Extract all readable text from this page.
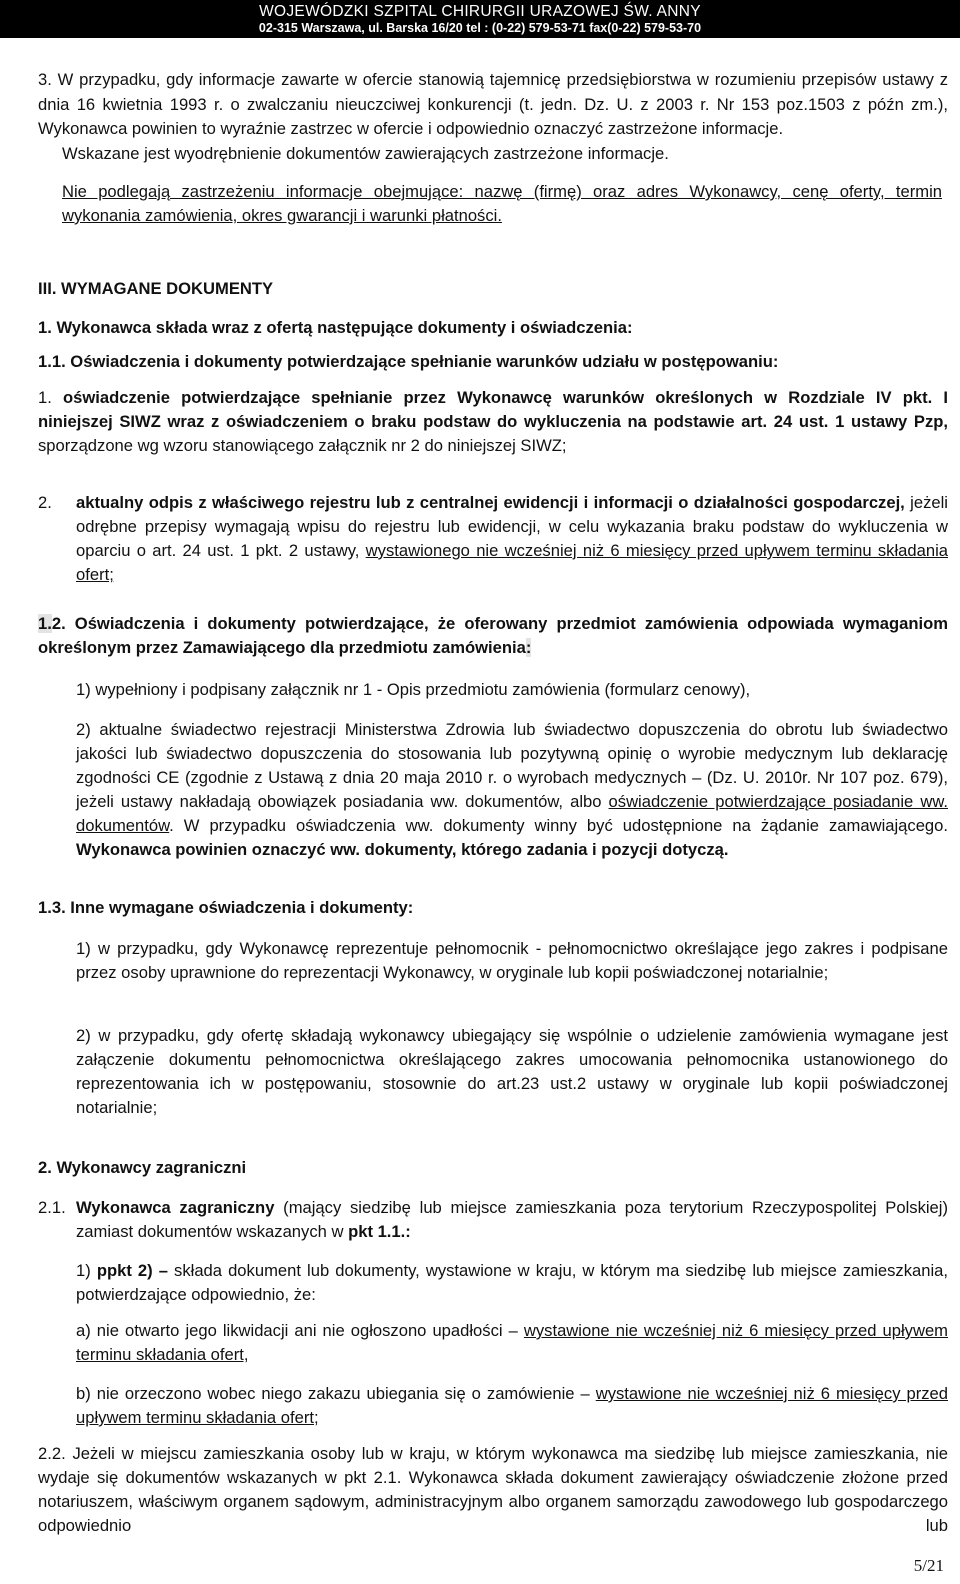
WOJEWÓDZKI SZPITAL CHIRURGII URAZOWEJ ŚW. ANNY
02-315 Warszawa, ul. Barska 16/20 tel : (0-22) 579-53-71 fax(0-22) 579-53-70
3. W przypadku, gdy informacje zawarte w ofercie stanowią tajemnicę przedsiębiorstwa w rozumieniu przepisów ustawy z dnia 16 kwietnia 1993 r. o zwalczaniu nieuczciwej konkurencji (t. jedn. Dz. U. z 2003 r. Nr 153 poz.1503 z późn zm.), Wykonawca powinien to wyraźnie zastrzec w ofercie i odpowiednio oznaczyć zastrzeżone informacje.
Wskazane jest wyodrębnienie dokumentów zawierających zastrzeżone informacje.
Nie podlegają zastrzeżeniu informacje obejmujące: nazwę (firmę) oraz adres Wykonawcy, cenę oferty, termin wykonania zamówienia, okres gwarancji i warunki płatności.
III. WYMAGANE DOKUMENTY
1. Wykonawca składa wraz z ofertą następujące dokumenty i oświadczenia:
1.1. Oświadczenia i dokumenty potwierdzające spełnianie warunków udziału w postępowaniu:
1. oświadczenie potwierdzające spełnianie przez Wykonawcę warunków określonych w Rozdziale IV pkt. I niniejszej SIWZ wraz z oświadczeniem o braku podstaw do wykluczenia na podstawie art. 24 ust. 1 ustawy Pzp, sporządzone wg wzoru stanowiącego załącznik nr 2 do niniejszej SIWZ;
2.	aktualny odpis z właściwego rejestru lub z centralnej ewidencji i informacji o działalności gospodarczej, jeżeli odrębne przepisy wymagają wpisu do rejestru lub ewidencji, w celu wykazania braku podstaw do wykluczenia w oparciu o art. 24 ust. 1 pkt. 2 ustawy, wystawionego nie wcześniej niż 6 miesięcy przed upływem terminu składania ofert;
1.2. Oświadczenia i dokumenty potwierdzające, że oferowany przedmiot zamówienia odpowiada wymaganiom określonym przez Zamawiającego dla przedmiotu zamówienia:
1) wypełniony i podpisany załącznik nr 1 - Opis przedmiotu zamówienia (formularz cenowy),
2) aktualne świadectwo rejestracji Ministerstwa Zdrowia lub świadectwo dopuszczenia do obrotu lub świadectwo jakości lub świadectwo dopuszczenia do stosowania lub pozytywną opinię o wyrobie medycznym lub deklarację zgodności CE (zgodnie z Ustawą z dnia 20 maja 2010 r. o wyrobach medycznych – (Dz. U. 2010r. Nr 107 poz. 679), jeżeli ustawy nakładają obowiązek posiadania ww. dokumentów, albo oświadczenie potwierdzające posiadanie ww. dokumentów. W przypadku oświadczenia ww. dokumenty winny być udostępnione na żądanie zamawiającego. Wykonawca powinien oznaczyć ww. dokumenty, którego zadania i pozycji dotyczą.
1.3. Inne wymagane oświadczenia i dokumenty:
1) w przypadku, gdy Wykonawcę reprezentuje pełnomocnik - pełnomocnictwo określające jego zakres i podpisane przez osoby uprawnione do reprezentacji Wykonawcy, w oryginale lub kopii poświadczonej notarialnie;
2) w przypadku, gdy ofertę składają wykonawcy ubiegający się wspólnie o udzielenie zamówienia wymagane jest załączenie dokumentu pełnomocnictwa określającego zakres umocowania pełnomocnika ustanowionego do reprezentowania ich w postępowaniu, stosownie do art.23 ust.2 ustawy w oryginale lub kopii poświadczonej notarialnie;
2. Wykonawcy zagraniczni
2.1. Wykonawca zagraniczny (mający siedzibę lub miejsce zamieszkania poza terytorium Rzeczypospolitej Polskiej) zamiast dokumentów wskazanych w pkt 1.1.:
1) ppkt 2) – składa dokument lub dokumenty, wystawione w kraju, w którym ma siedzibę lub miejsce zamieszkania, potwierdzające odpowiednio, że:
a) nie otwarto jego likwidacji ani nie ogłoszono upadłości – wystawione nie wcześniej niż 6 miesięcy przed upływem terminu składania ofert,
b) nie orzeczono wobec niego zakazu ubiegania się o zamówienie – wystawione nie wcześniej niż 6 miesięcy przed upływem terminu składania ofert;
2.2. Jeżeli w miejscu zamieszkania osoby lub w kraju, w którym wykonawca ma siedzibę lub miejsce zamieszkania, nie wydaje się dokumentów wskazanych w pkt 2.1. Wykonawca składa dokument zawierający oświadczenie złożone przed notariuszem, właściwym organem sądowym, administracyjnym albo organem samorządu zawodowego lub gospodarczego odpowiednio lub
5/21
